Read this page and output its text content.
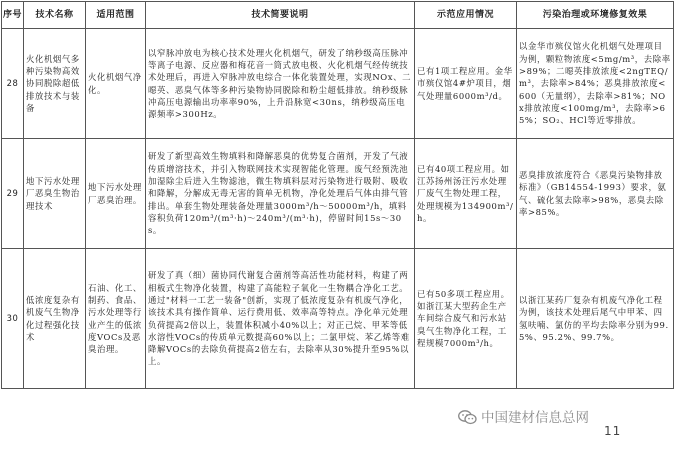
序号	技术名称	适用范围	技术简要说明	示范应用情况	污染治理或环境修复效果
28	火化机烟气多种污染物高效协同脱除超低排放技术与装备	火化机烟气净化。	以窄脉冲放电为核心技术处理火化机烟气，研发了纳秒级高压脉冲等离子电源、反应器和梅花音一筒式放电极、火化机烟气经传统技术处理后，再进入窄脉冲放电综合一体化装置处理，实现NOx、二噁英、恶臭气体等多种污染物协同脱除和粉尘超低排放。纳秒级脉冲高压电源输出功率率90%，上升沿脉宽<30ns，纳秒级高压电源频率>300Hz。	已有1项工程应用。金华市殡仪馆4#炉项目，烟气处理量6000m³/d。	以金华市殡仪馆火化机烟气处理项目为例，颗粒物浓度<5mg/m³，去除率>89%；二噁英排放浓度<2ngTEQ/m³，去除率>84%；恶臭排放浓度<600（无量纲），去除率>81%；NOx排放浓度<100mg/m³，去除率>65%；SO₂、HCl等近零排放。
29	地下污水处理厂恶臭生物治理技术	地下污水处理厂恶臭治理。	研发了新型高效生物填料和降解恶臭的优势复合菌剂，开发了气液传质增溶技术，并引入物联网技术实现智能化管理。废气经预洗池加湿除尘后进入生物滤池，微生物填料层对污染物进行吸附、吸收和降解，分解成无毒无害的简单无机物，净化处理后气体由排气管排出。单套生物处理装备处理量3000m³/h～50000m³/h，填料容积负荷120m³/(m³·h)～240m³/(m³·h)，停留时间15s～30s。	已有40项工程应用。如江苏扬州汤汪污水处理厂废气生物处理工程，处理规模为134900m³/h。	恶臭排放浓度符合《恶臭污染物排放标准》（GB14554-1993）要求，氨气、硫化氢去除率>98%，恶臭去除率>85%。
30	低浓度复杂有机废气生物净化过程强化技术	石油、化工、制药、食品、污水处理等行业产生的低浓度VOCs及恶臭治理。	研发了真（细）菌协同代谢复合菌剂等高活性功能材料，构建了两相板式生物净化装置，构建了高能粒子氧化一生物耦合净化工艺。通过"材料一工艺一装备"创新，实现了低浓度复杂有机废气净化，该技术具有操作简单、运行费用低、效率高等特点。净化单元处理负荷提高2倍以上，装置体积减小40%以上；对正己烷、甲苯等低水溶性VOCs的传质单元数提高60%以上；二氯甲烷、苯乙烯等难降解VOCs的去除负荷提高2倍左右，去除率从30%提升至95%以上。	已有50多项工程应用。如浙江某大型药企生产车间综合废气和污水站臭气生物净化工程，工程规模7000m³/h。	以浙江某药厂复杂有机废气净化工程为例，该技术处理后尾气中甲苯、四氢呋喃、氯仿的平均去除率分别为99.5%、95.2%、99.7%。
中国建材信息总网
11
